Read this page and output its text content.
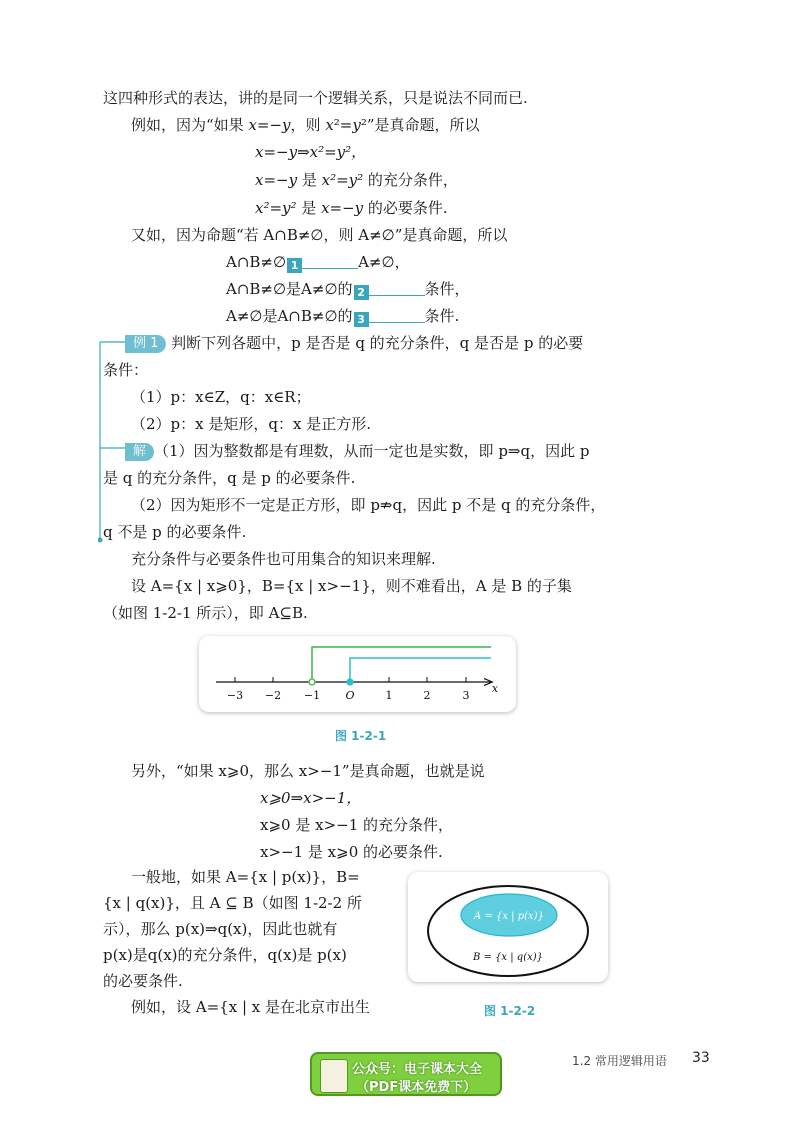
这四种形式的表达，讲的是同一个逻辑关系，只是说法不同而已.
例如，因为“如果 x=−y，则 x²=y²”是真命题，所以
x=−y⇒x²=y²，
x=−y 是 x²=y² 的充分条件，
x²=y² 是 x=−y 的必要条件.
又如，因为命题“若 A∩B≠∅，则 A≠∅”是真命题，所以
A∩B≠∅ 1	A≠∅，
A∩B≠∅是A≠∅的 2	条件，
A≠∅是A∩B≠∅的 3	条件.
例 1 判断下列各题中，p 是否是 q 的充分条件，q 是否是 p 的必要
条件：
（1）p：x∈Z，q：x∈R；
（2）p：x 是矩形，q：x 是正方形.
解 （1）因为整数都是有理数，从而一定也是实数，即 p⇒q，因此 p
是 q 的充分条件，q 是 p 的必要条件.
（2）因为矩形不一定是正方形，即 p⇏q，因此 p 不是 q 的充分条件，
q 不是 p 的必要条件.
充分条件与必要条件也可用集合的知识来理解.
设 A={x | x⩾0}，B={x | x>−1}，则不难看出，A 是 B 的子集
（如图 1-2-1 所示），即 A⊆B.
−3 −2 −1 O	1	2	3
x
图 1-2-1
另外，“如果 x⩾0，那么 x>−1”是真命题，也就是说
x⩾0⇒x>−1，
x⩾0 是 x>−1 的充分条件，
x>−1 是 x⩾0 的必要条件.
一般地，如果 A={x | p(x)}，B=
{x | q(x)}，且 A ⊆ B（如图 1-2-2 所
示），那么 p(x)⇒q(x)，因此也就有
p(x)是q(x)的充分条件，q(x)是 p(x)
的必要条件.
例如，设 A={x | x 是在北京市出生
A = {x | p(x)}
B = {x | q(x)}
图 1-2-2
公众号：电子课本大全
（PDF课本免费下）
1.2 常用逻辑用语 33
